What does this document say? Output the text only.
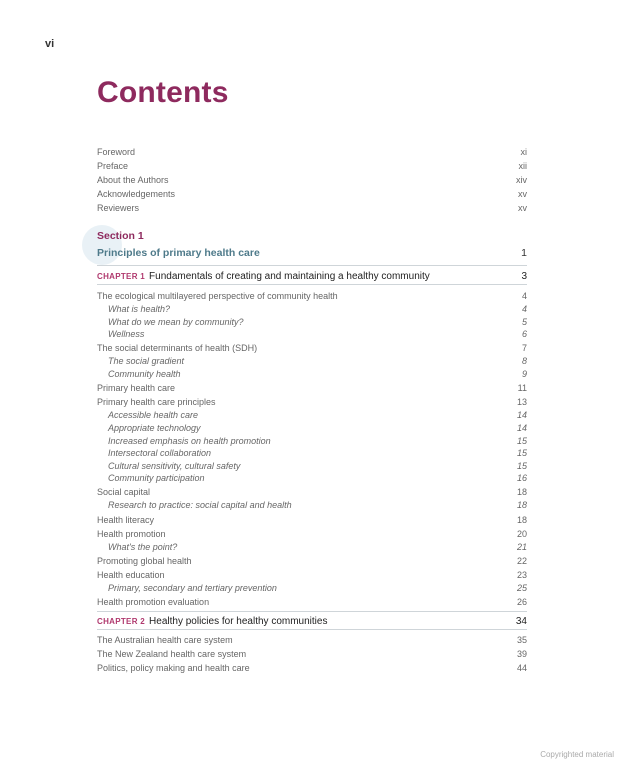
vi
Contents
Foreword	xi
Preface	xii
About the Authors	xiv
Acknowledgements	xv
Reviewers	xv
Section 1
Principles of primary health care	1
CHAPTER 1 Fundamentals of creating and maintaining a healthy community	3
The ecological multilayered perspective of community health	4
What is health?	4
What do we mean by community?	5
Wellness	6
The social determinants of health (SDH)	7
The social gradient	8
Community health	9
Primary health care	11
Primary health care principles	13
Accessible health care	14
Appropriate technology	14
Increased emphasis on health promotion	15
Intersectoral collaboration	15
Cultural sensitivity, cultural safety	15
Community participation	16
Social capital	18
Research to practice: social capital and health	18
Health literacy	18
Health promotion	20
What's the point?	21
Promoting global health	22
Health education	23
Primary, secondary and tertiary prevention	25
Health promotion evaluation	26
CHAPTER 2 Healthy policies for healthy communities	34
The Australian health care system	35
The New Zealand health care system	39
Politics, policy making and health care	44
Copyrighted material
